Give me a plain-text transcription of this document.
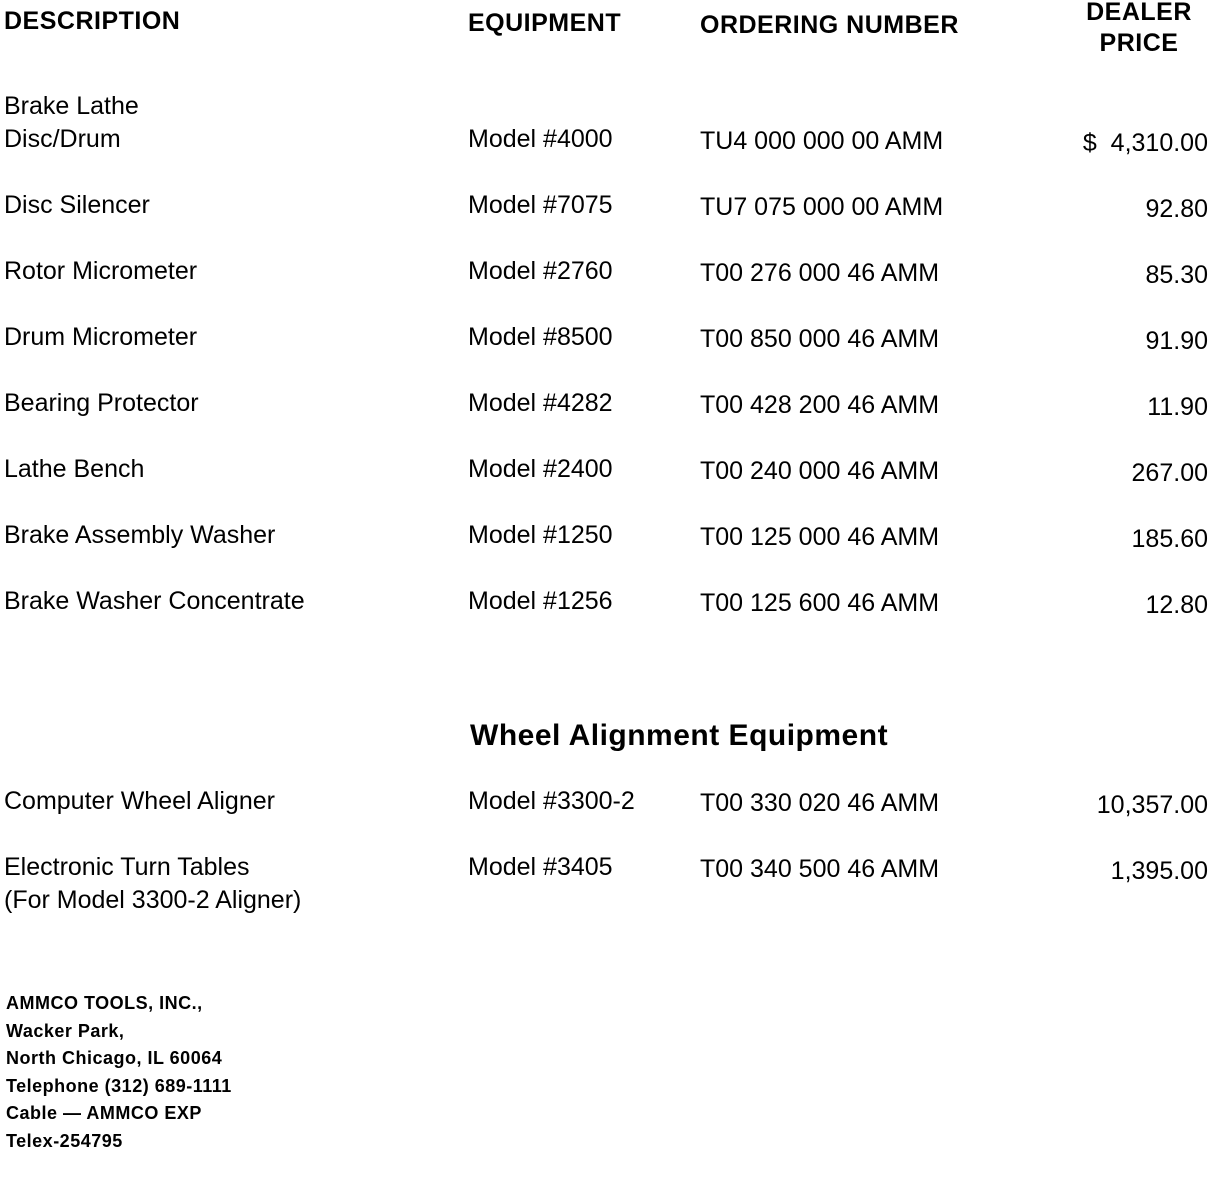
DESCRIPTION	EQUIPMENT	ORDERING NUMBER	DEALER
PRICE
Brake Lathe
Disc/Drum	Model #4000	TU4 000 000 00 AMM	$  4,310.00
Disc Silencer	Model #7075	TU7 075 000 00 AMM	92.80
Rotor Micrometer	Model #2760	T00 276 000 46 AMM	85.30
Drum Micrometer	Model #8500	T00 850 000 46 AMM	91.90
Bearing Protector	Model #4282	T00 428 200 46 AMM	11.90
Lathe Bench	Model #2400	T00 240 000 46 AMM	267.00
Brake Assembly Washer	Model #1250	T00 125 000 46 AMM	185.60
Brake Washer Concentrate	Model #1256	T00 125 600 46 AMM	12.80
Wheel Alignment Equipment
Computer Wheel Aligner	Model #3300-2	T00 330 020 46 AMM	10,357.00
Electronic Turn Tables	Model #3405	T00 340 500 46 AMM	1,395.00
(For Model 3300-2 Aligner)
AMMCO TOOLS, INC.,
Wacker Park,
North Chicago, IL 60064
Telephone (312) 689-1111
Cable — AMMCO EXP
Telex-254795
